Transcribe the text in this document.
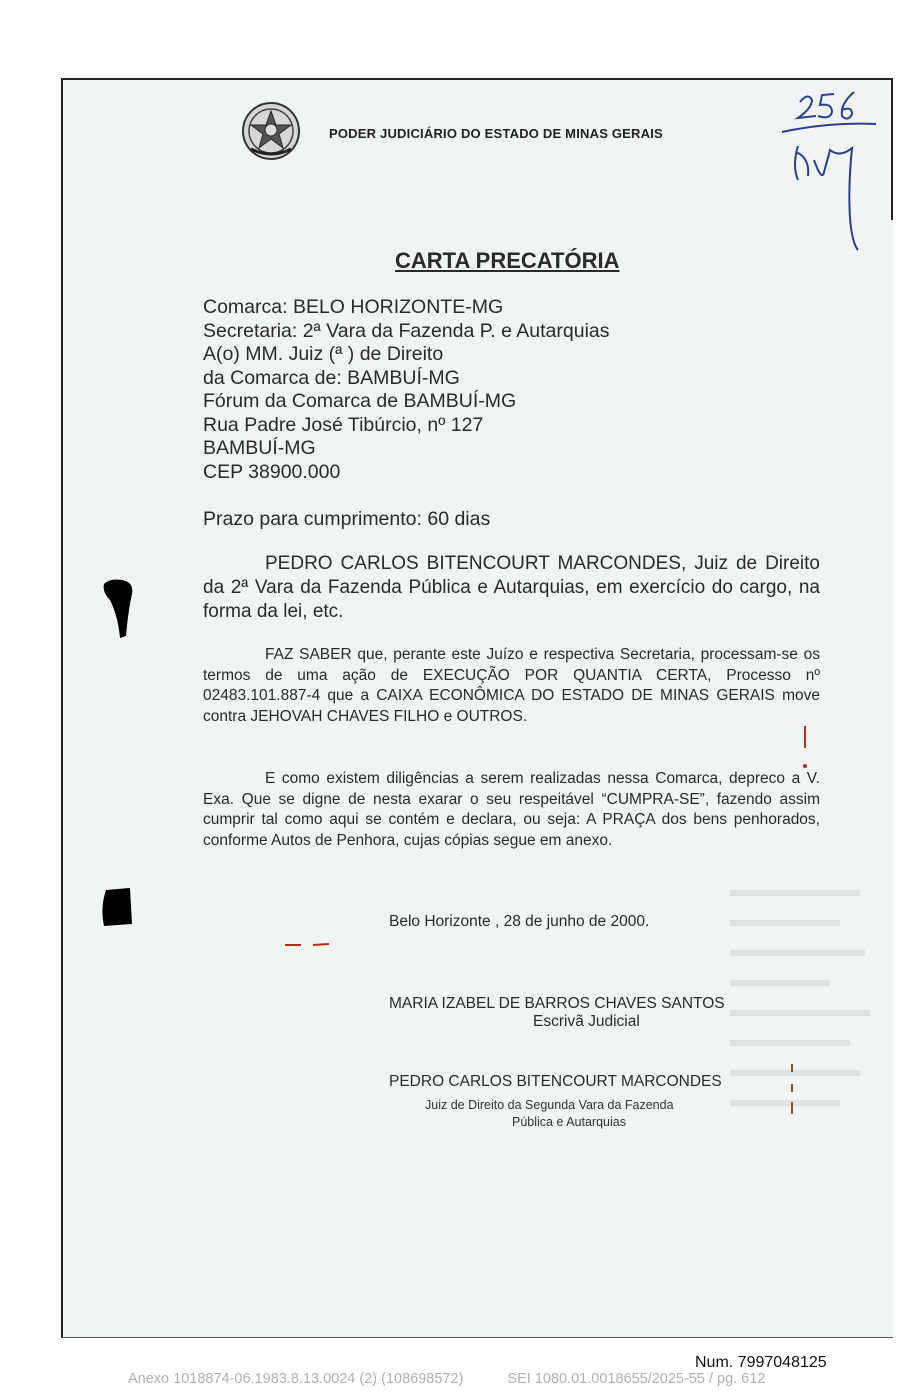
PODER JUDICIÁRIO DO ESTADO DE MINAS GERAIS
256
CARTA PRECATÓRIA
Comarca: BELO HORIZONTE-MG
Secretaria: 2ª Vara da Fazenda P. e Autarquias
A(o) MM. Juiz (ª ) de Direito
da Comarca de: BAMBUÍ-MG
Fórum da Comarca de BAMBUÍ-MG
Rua Padre José Tibúrcio, nº 127
BAMBUÍ-MG
CEP 38900.000
Prazo para cumprimento: 60 dias
PEDRO CARLOS BITENCOURT MARCONDES, Juiz de Direito da 2ª Vara da Fazenda Pública e Autarquias, em exercício do cargo, na forma da lei, etc.
FAZ SABER que, perante este Juízo e respectiva Secretaria, processam-se os termos de uma ação de EXECUÇÃO POR QUANTIA CERTA, Processo nº 02483.101.887-4 que a CAIXA ECONÔMICA DO ESTADO DE MINAS GERAIS move contra JEHOVAH CHAVES FILHO e OUTROS.
E como existem diligências a serem realizadas nessa Comarca, depreco a V. Exa. Que se digne de nesta exarar o seu respeitável “CUMPRA-SE”, fazendo assim cumprir tal como aqui se contém e declara, ou seja: A PRAÇA dos bens penhorados, conforme Autos de Penhora, cujas cópias segue em anexo.
Belo Horizonte , 28 de junho de 2000.
MARIA IZABEL DE BARROS CHAVES SANTOS
Escrivã Judicial
PEDRO CARLOS BITENCOURT MARCONDES
Juiz de Direito da Segunda Vara da Fazenda
Pública e Autarquias
Num. 7997048125
Anexo 1018874-06.1983.8.13.0024 (2) (108698572)	SEI 1080.01.0018655/2025-55 / pg. 612
